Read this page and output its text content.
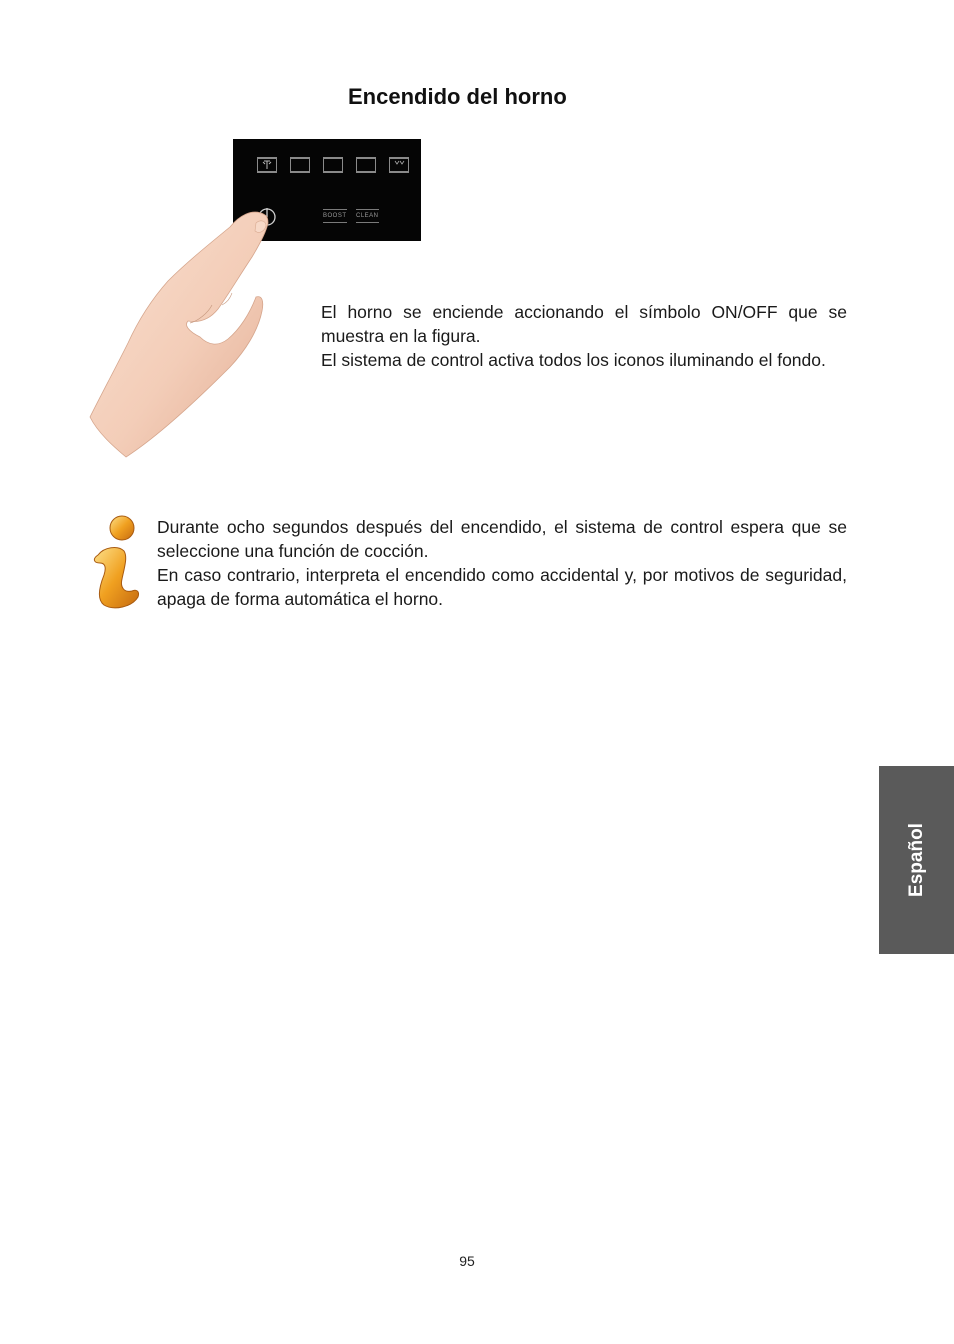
Encendido del horno
BOOST CLEAN

El horno se enciende accionando el símbolo ON/OFF que se muestra en la figura.

El sistema de control activa todos los iconos iluminando el fondo.

Durante ocho segundos después del encendido, el sistema de control espera que se seleccione una función de cocción.

En caso contrario, interpreta el encendido como accidental y, por motivos de seguridad, apaga de forma automática el horno.

Español
95
